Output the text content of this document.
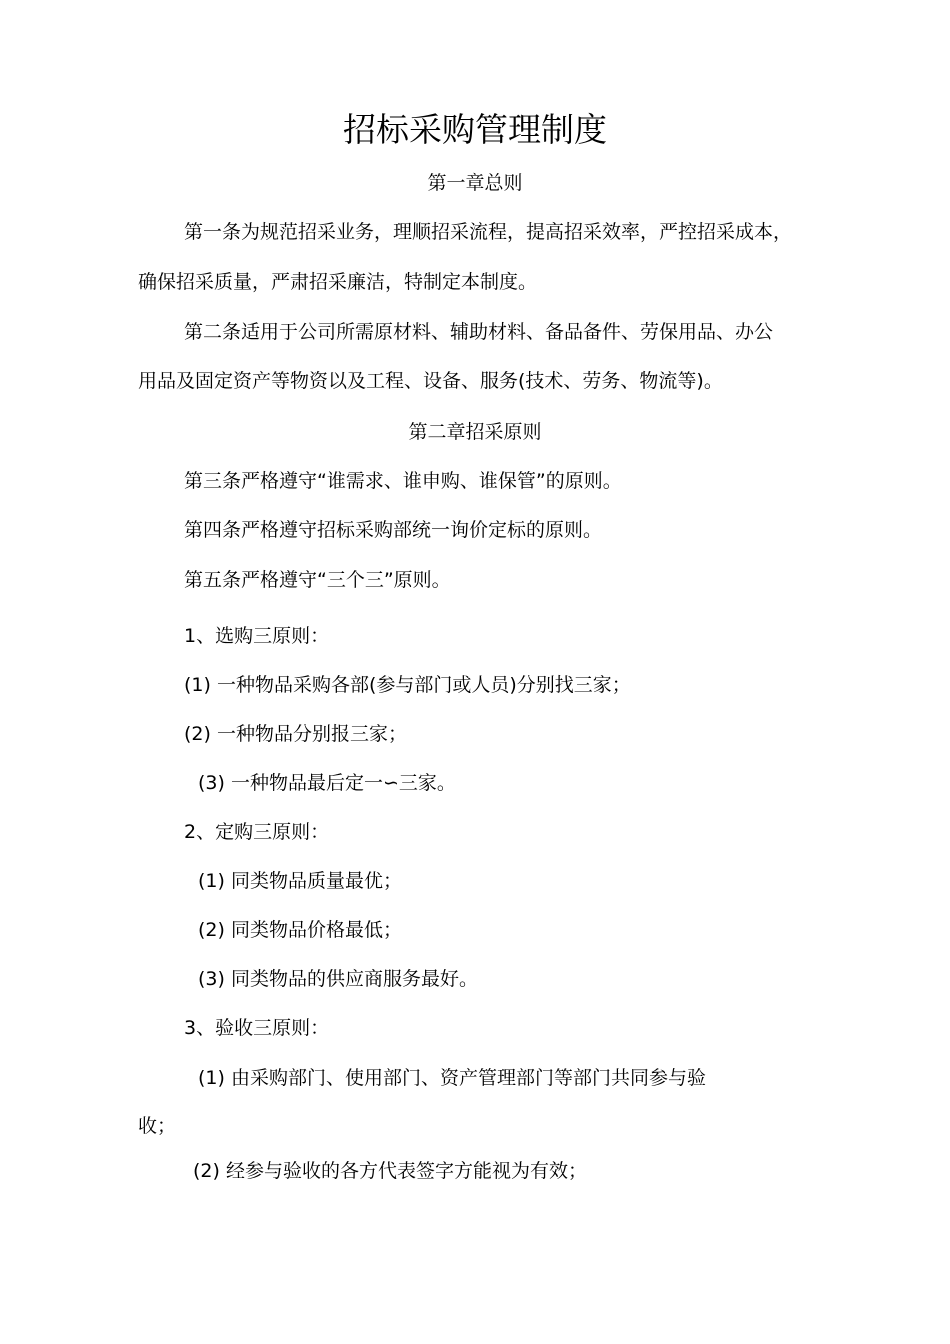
招标采购管理制度
第一章总则
第一条为规范招采业务，理顺招采流程，提高招采效率，严控招采成本，
确保招采质量，严肃招采廉洁，特制定本制度。
第二条适用于公司所需原材料、辅助材料、备品备件、劳保用品、办公
用品及固定资产等物资以及工程、设备、服务(技术、劳务、物流等)。
第二章招采原则
第三条严格遵守“谁需求、谁申购、谁保管”的原则。
第四条严格遵守招标采购部统一询价定标的原则。
第五条严格遵守“三个三”原则。
1、选购三原则：
(1) 一种物品采购各部(参与部门或人员)分别找三家；
(2) 一种物品分别报三家；
(3) 一种物品最后定一∽三家。
2、定购三原则：
(1) 同类物品质量最优；
(2) 同类物品价格最低；
(3) 同类物品的供应商服务最好。
3、验收三原则：
(1) 由采购部门、使用部门、资产管理部门等部门共同参与验
收；
(2) 经参与验收的各方代表签字方能视为有效；
